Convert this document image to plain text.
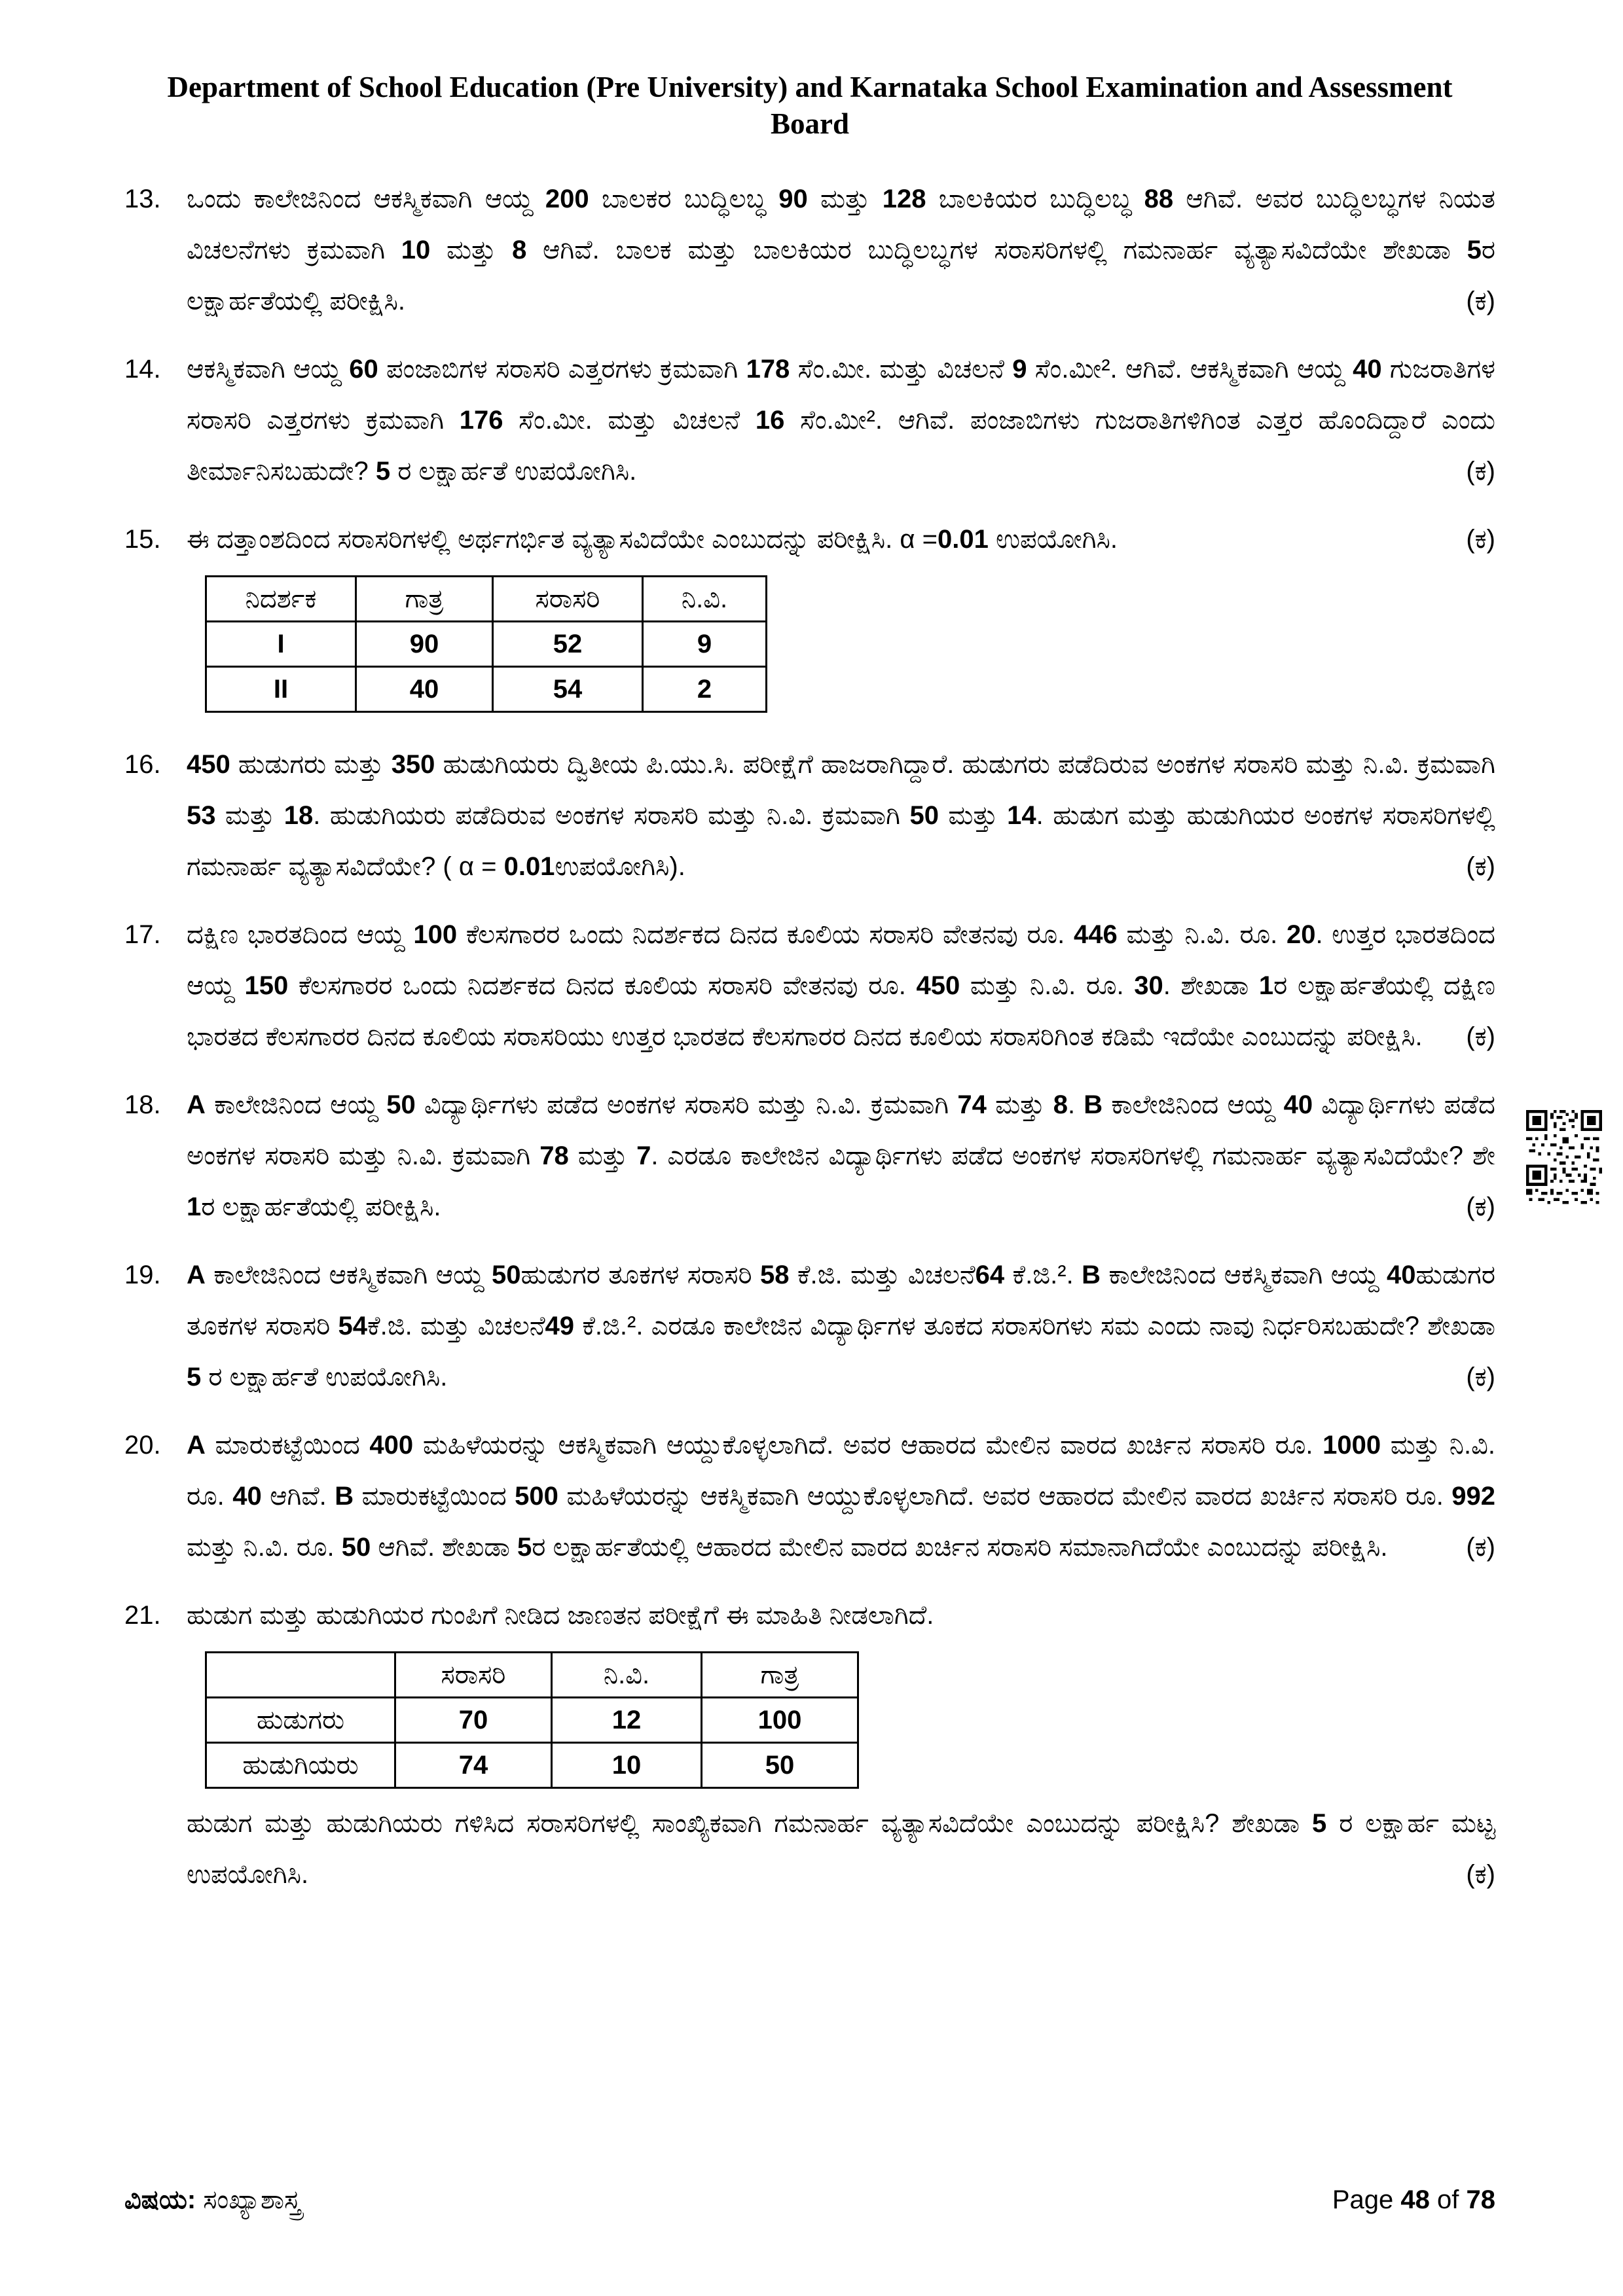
Department of School Education (Pre University) and Karnataka School Examination and Assessment Board
13. ಒಂದು ಕಾಲೇಜಿನಿಂದ ಆಕಸ್ಮಿಕವಾಗಿ ಆಯ್ದ 200 ಬಾಲಕರ ಬುದ್ಧಿಲಬ್ಧ 90 ಮತ್ತು 128 ಬಾಲಕಿಯರ ಬುದ್ಧಿಲಬ್ಧ 88 ಆಗಿವೆ. ಅವರ ಬುದ್ಧಿಲಬ್ಧಗಳ ನಿಯತ ವಿಚಲನೆಗಳು ಕ್ರಮವಾಗಿ 10 ಮತ್ತು 8 ಆಗಿವೆ. ಬಾಲಕ ಮತ್ತು ಬಾಲಕಿಯರ ಬುದ್ಧಿಲಬ್ಧಗಳ ಸರಾಸರಿಗಳಲ್ಲಿ ಗಮನಾರ್ಹ ವ್ಯತ್ಯಾಸವಿದೆಯೇ ಶೇಖಡಾ 5ರ ಲಕ್ಷಾರ್ಹತೆಯಲ್ಲಿ ಪರೀಕ್ಷಿಸಿ.	(ಕ)
14. ಆಕಸ್ಮಿಕವಾಗಿ ಆಯ್ದ 60 ಪಂಜಾಬಿಗಳ ಸರಾಸರಿ ಎತ್ತರಗಳು ಕ್ರಮವಾಗಿ 178 ಸೆಂ.ಮೀ. ಮತ್ತು ವಿಚಲನೆ 9 ಸೆಂ.ಮೀ². ಆಗಿವೆ. ಆಕಸ್ಮಿಕವಾಗಿ ಆಯ್ದ 40 ಗುಜರಾತಿಗಳ ಸರಾಸರಿ ಎತ್ತರಗಳು ಕ್ರಮವಾಗಿ 176 ಸೆಂ.ಮೀ. ಮತ್ತು ವಿಚಲನೆ 16 ಸೆಂ.ಮೀ². ಆಗಿವೆ. ಪಂಜಾಬಿಗಳು ಗುಜರಾತಿಗಳಿಗಿಂತ ಎತ್ತರ ಹೊಂದಿದ್ದಾರೆ ಎಂದು ತೀರ್ಮಾನಿಸಬಹುದೇ? 5 ರ ಲಕ್ಷಾರ್ಹತೆ ಉಪಯೋಗಿಸಿ.	(ಕ)
15. ಈ ದತ್ತಾಂಶದಿಂದ ಸರಾಸರಿಗಳಲ್ಲಿ ಅರ್ಥಗರ್ಭಿತ ವ್ಯತ್ಯಾಸವಿದೆಯೇ ಎಂಬುದನ್ನು ಪರೀಕ್ಷಿಸಿ. α =0.01 ಉಪಯೋಗಿಸಿ.	(ಕ)
ನಿದರ್ಶಕ	ಗಾತ್ರ	ಸರಾಸರಿ	ನಿ.ವಿ.
I	90	52	9
II	40	54	2
16. 450 ಹುಡುಗರು ಮತ್ತು 350 ಹುಡುಗಿಯರು ದ್ವಿತೀಯ ಪಿ.ಯು.ಸಿ. ಪರೀಕ್ಷೆಗೆ ಹಾಜರಾಗಿದ್ದಾರೆ. ಹುಡುಗರು ಪಡೆದಿರುವ ಅಂಕಗಳ ಸರಾಸರಿ ಮತ್ತು ನಿ.ವಿ. ಕ್ರಮವಾಗಿ 53 ಮತ್ತು 18. ಹುಡುಗಿಯರು ಪಡೆದಿರುವ ಅಂಕಗಳ ಸರಾಸರಿ ಮತ್ತು ನಿ.ವಿ. ಕ್ರಮವಾಗಿ 50 ಮತ್ತು 14. ಹುಡುಗ ಮತ್ತು ಹುಡುಗಿಯರ ಅಂಕಗಳ ಸರಾಸರಿಗಳಲ್ಲಿ ಗಮನಾರ್ಹ ವ್ಯತ್ಯಾಸವಿದೆಯೇ? ( α = 0.01ಉಪಯೋಗಿಸಿ).	(ಕ)
17. ದಕ್ಷಿಣ ಭಾರತದಿಂದ ಆಯ್ದ 100 ಕೆಲಸಗಾರರ ಒಂದು ನಿದರ್ಶಕದ ದಿನದ ಕೂಲಿಯ ಸರಾಸರಿ ವೇತನವು ರೂ. 446 ಮತ್ತು ನಿ.ವಿ. ರೂ. 20. ಉತ್ತರ ಭಾರತದಿಂದ ಆಯ್ದ 150 ಕೆಲಸಗಾರರ ಒಂದು ನಿದರ್ಶಕದ ದಿನದ ಕೂಲಿಯ ಸರಾಸರಿ ವೇತನವು ರೂ. 450 ಮತ್ತು ನಿ.ವಿ. ರೂ. 30. ಶೇಖಡಾ 1ರ ಲಕ್ಷಾರ್ಹತೆಯಲ್ಲಿ ದಕ್ಷಿಣ ಭಾರತದ ಕೆಲಸಗಾರರ ದಿನದ ಕೂಲಿಯ ಸರಾಸರಿಯು ಉತ್ತರ ಭಾರತದ ಕೆಲಸಗಾರರ ದಿನದ ಕೂಲಿಯ ಸರಾಸರಿಗಿಂತ ಕಡಿಮೆ ಇದೆಯೇ ಎಂಬುದನ್ನು ಪರೀಕ್ಷಿಸಿ.	(ಕ)
18. A ಕಾಲೇಜಿನಿಂದ ಆಯ್ದ 50 ವಿದ್ಯಾರ್ಥಿಗಳು ಪಡೆದ ಅಂಕಗಳ ಸರಾಸರಿ ಮತ್ತು ನಿ.ವಿ. ಕ್ರಮವಾಗಿ 74 ಮತ್ತು 8. B ಕಾಲೇಜಿನಿಂದ ಆಯ್ದ 40 ವಿದ್ಯಾರ್ಥಿಗಳು ಪಡೆದ ಅಂಕಗಳ ಸರಾಸರಿ ಮತ್ತು ನಿ.ವಿ. ಕ್ರಮವಾಗಿ 78 ಮತ್ತು 7. ಎರಡೂ ಕಾಲೇಜಿನ ವಿದ್ಯಾರ್ಥಿಗಳು ಪಡೆದ ಅಂಕಗಳ ಸರಾಸರಿಗಳಲ್ಲಿ ಗಮನಾರ್ಹ ವ್ಯತ್ಯಾಸವಿದೆಯೇ? ಶೇ 1ರ ಲಕ್ಷಾರ್ಹತೆಯಲ್ಲಿ ಪರೀಕ್ಷಿಸಿ.	(ಕ)
19. A ಕಾಲೇಜಿನಿಂದ ಆಕಸ್ಮಿಕವಾಗಿ ಆಯ್ದ 50ಹುಡುಗರ ತೂಕಗಳ ಸರಾಸರಿ 58 ಕೆ.ಜಿ. ಮತ್ತು ವಿಚಲನೆ64 ಕೆ.ಜಿ.². B ಕಾಲೇಜಿನಿಂದ ಆಕಸ್ಮಿಕವಾಗಿ ಆಯ್ದ 40ಹುಡುಗರ ತೂಕಗಳ ಸರಾಸರಿ 54ಕೆ.ಜಿ. ಮತ್ತು ವಿಚಲನೆ49 ಕೆ.ಜಿ.². ಎರಡೂ ಕಾಲೇಜಿನ ವಿದ್ಯಾರ್ಥಿಗಳ ತೂಕದ ಸರಾಸರಿಗಳು ಸಮ ಎಂದು ನಾವು ನಿರ್ಧರಿಸಬಹುದೇ? ಶೇಖಡಾ 5 ರ ಲಕ್ಷಾರ್ಹತೆ ಉಪಯೋಗಿಸಿ.	(ಕ)
20. A ಮಾರುಕಟ್ಟೆಯಿಂದ 400 ಮಹಿಳೆಯರನ್ನು ಆಕಸ್ಮಿಕವಾಗಿ ಆಯ್ದುಕೊಳ್ಳಲಾಗಿದೆ. ಅವರ ಆಹಾರದ ಮೇಲಿನ ವಾರದ ಖರ್ಚಿನ ಸರಾಸರಿ ರೂ. 1000 ಮತ್ತು ನಿ.ವಿ. ರೂ. 40 ಆಗಿವೆ. B ಮಾರುಕಟ್ಟೆಯಿಂದ 500 ಮಹಿಳೆಯರನ್ನು ಆಕಸ್ಮಿಕವಾಗಿ ಆಯ್ದುಕೊಳ್ಳಲಾಗಿದೆ. ಅವರ ಆಹಾರದ ಮೇಲಿನ ವಾರದ ಖರ್ಚಿನ ಸರಾಸರಿ ರೂ. 992 ಮತ್ತು ನಿ.ವಿ. ರೂ. 50 ಆಗಿವೆ. ಶೇಖಡಾ 5ರ ಲಕ್ಷಾರ್ಹತೆಯಲ್ಲಿ ಆಹಾರದ ಮೇಲಿನ ವಾರದ ಖರ್ಚಿನ ಸರಾಸರಿ ಸಮಾನಾಗಿದೆಯೇ ಎಂಬುದನ್ನು ಪರೀಕ್ಷಿಸಿ.	(ಕ)
21. ಹುಡುಗ ಮತ್ತು ಹುಡುಗಿಯರ ಗುಂಪಿಗೆ ನೀಡಿದ ಜಾಣತನ ಪರೀಕ್ಷೆಗೆ ಈ ಮಾಹಿತಿ ನೀಡಲಾಗಿದೆ.

	ಸರಾಸರಿ	ನಿ.ವಿ.	ಗಾತ್ರ
ಹುಡುಗರು	70	12	100
ಹುಡುಗಿಯರು	74	10	50

ಹುಡುಗ ಮತ್ತು ಹುಡುಗಿಯರು ಗಳಿಸಿದ ಸರಾಸರಿಗಳಲ್ಲಿ ಸಾಂಖ್ಯಿಕವಾಗಿ ಗಮನಾರ್ಹ ವ್ಯತ್ಯಾಸವಿದೆಯೇ ಎಂಬುದನ್ನು ಪರೀಕ್ಷಿಸಿ? ಶೇಖಡಾ 5 ರ ಲಕ್ಷಾರ್ಹ ಮಟ್ಟ ಉಪಯೋಗಿಸಿ.	(ಕ)
ವಿಷಯ: ಸಂಖ್ಯಾಶಾಸ್ತ್ರ	Page 48 of 78
